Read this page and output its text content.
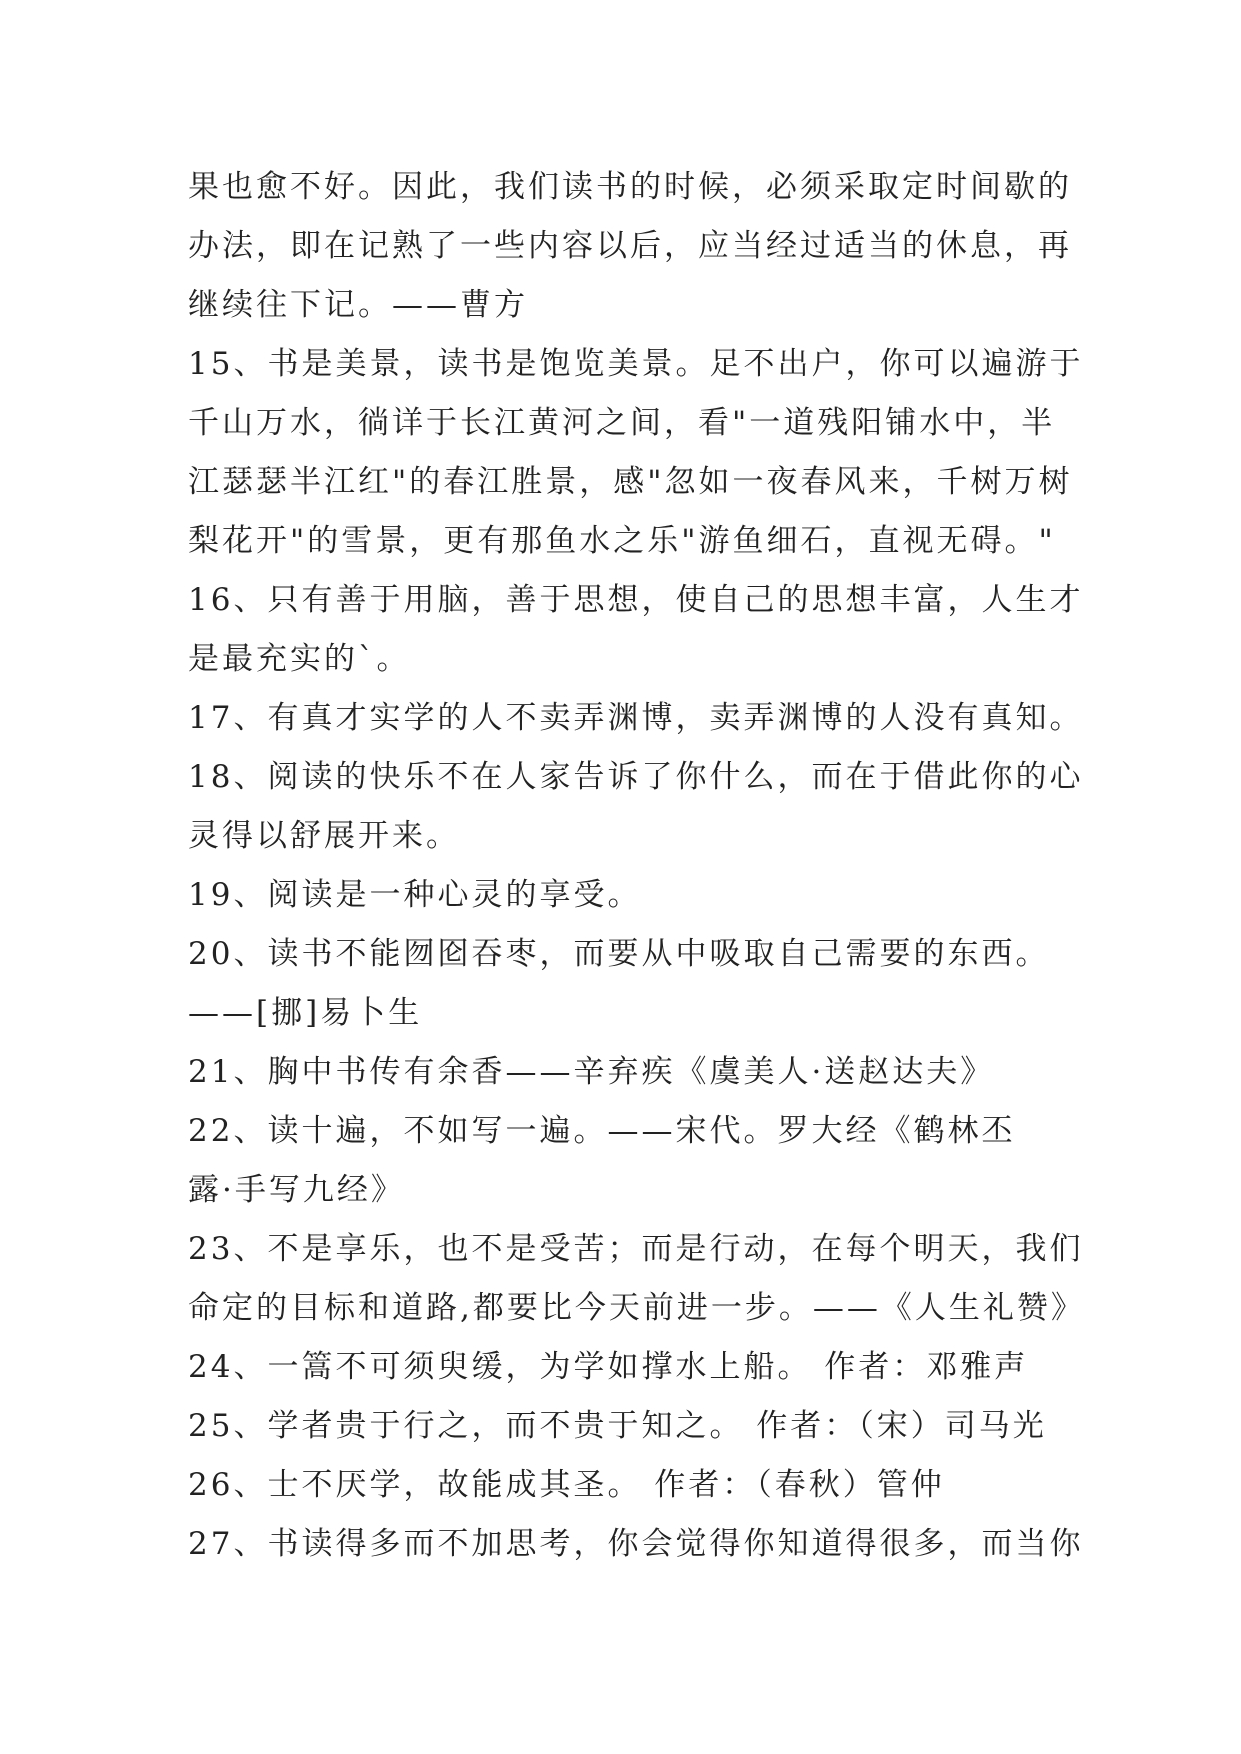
果也愈不好。因此，我们读书的时候，必须采取定时间歇的
办法，即在记熟了一些内容以后，应当经过适当的休息，再
继续往下记。——曹方
15、书是美景，读书是饱览美景。足不出户，你可以遍游于
千山万水，徜详于长江黄河之间，看"一道残阳铺水中，半
江瑟瑟半江红"的春江胜景，感"忽如一夜春风来，千树万树
梨花开"的雪景，更有那鱼水之乐"游鱼细石，直视无碍。"
16、只有善于用脑，善于思想，使自己的思想丰富，人生才
是最充实的`。
17、有真才实学的人不卖弄渊博，卖弄渊博的人没有真知。
18、阅读的快乐不在人家告诉了你什么，而在于借此你的心
灵得以舒展开来。
19、阅读是一种心灵的享受。
20、读书不能囫囵吞枣，而要从中吸取自己需要的东西。
——[挪]易卜生
21、胸中书传有余香——辛弃疾《虞美人·送赵达夫》
22、读十遍，不如写一遍。——宋代。罗大经《鹤林丕
露·手写九经》
23、不是享乐，也不是受苦；而是行动，在每个明天，我们
命定的目标和道路,都要比今天前进一步。——《人生礼赞》
24、一篙不可须臾缓，为学如撑水上船。 作者：邓雅声
25、学者贵于行之，而不贵于知之。 作者：（宋）司马光
26、士不厌学，故能成其圣。 作者：（春秋）管仲
27、书读得多而不加思考，你会觉得你知道得很多，而当你
